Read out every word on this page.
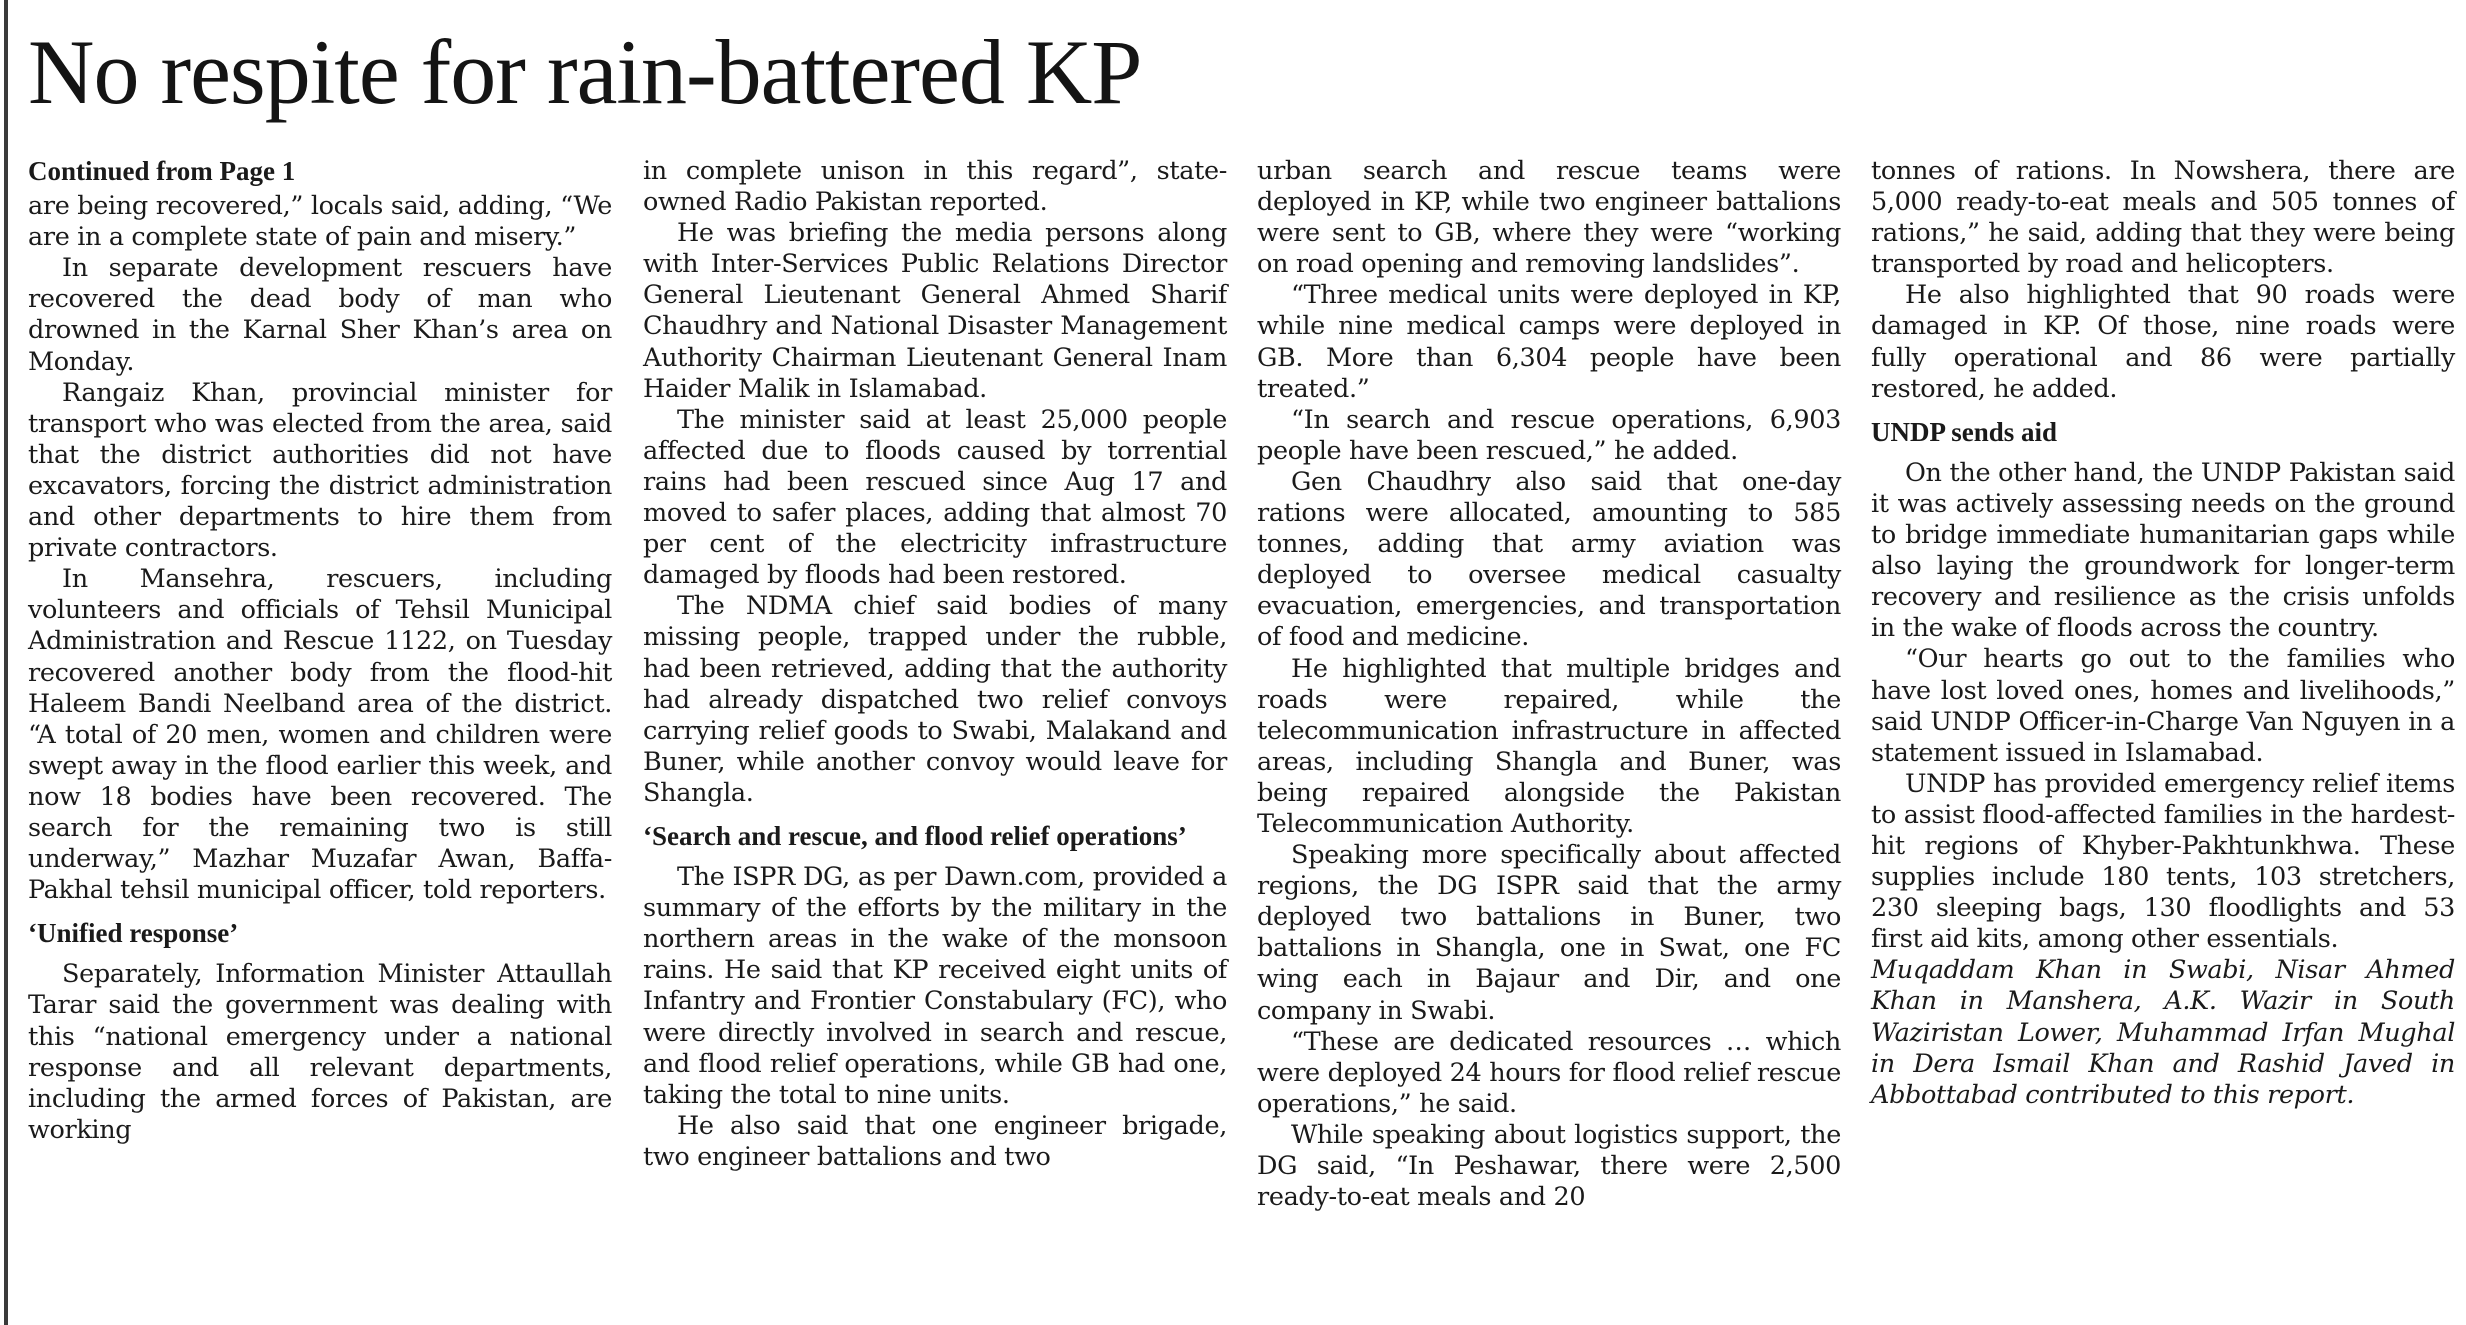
No respite for rain-battered KP
Continued from Page 1

are being recovered,” locals said, adding, “We are in a complete state of pain and misery.”

In separate development rescuers have recovered the dead body of man who drowned in the Karnal Sher Khan’s area on Monday.

Rangaiz Khan, provincial minister for transport who was elected from the area, said that the district authorities did not have excavators, forcing the district administration and other departments to hire them from private contractors.

In Mansehra, rescuers, including volunteers and officials of Tehsil Municipal Administration and Rescue 1122, on Tuesday recovered another body from the flood-hit Haleem Bandi Neelband area of the district. “A total of 20 men, women and children were swept away in the flood earlier this week, and now 18 bodies have been recovered. The search for the remaining two is still underway,” Mazhar Muzafar Awan, Baffa-Pakhal tehsil municipal officer, told reporters.

‘Unified response’

Separately, Information Minister Attaullah Tarar said the government was dealing with this “national emergency under a national response and all relevant departments, including the armed forces of Pakistan, are working

in complete unison in this regard”, state-owned Radio Pakistan reported.

He was briefing the media persons along with Inter-Services Public Relations Director General Lieutenant General Ahmed Sharif Chaudhry and National Disaster Management Authority Chairman Lieutenant General Inam Haider Malik in Islamabad.

The minister said at least 25,000 people affected due to floods caused by torrential rains had been rescued since Aug 17 and moved to safer places, adding that almost 70 per cent of the electricity infrastructure damaged by floods had been restored.

The NDMA chief said bodies of many missing people, trapped under the rubble, had been retrieved, adding that the authority had already dispatched two relief convoys carrying relief goods to Swabi, Malakand and Buner, while another convoy would leave for Shangla.

‘Search and rescue, and flood relief operations’

The ISPR DG, as per Dawn.com, provided a summary of the efforts by the military in the northern areas in the wake of the monsoon rains. He said that KP received eight units of Infantry and Frontier Constabulary (FC), who were directly involved in search and rescue, and flood relief operations, while GB had one, taking the total to nine units.

He also said that one engineer brigade, two engineer battalions and two

urban search and rescue teams were deployed in KP, while two engineer battalions were sent to GB, where they were “working on road opening and removing landslides”.

“Three medical units were deployed in KP, while nine medical camps were deployed in GB. More than 6,304 people have been treated.”

“In search and rescue operations, 6,903 people have been rescued,” he added.

Gen Chaudhry also said that one-day rations were allocated, amounting to 585 tonnes, adding that army aviation was deployed to oversee medical casualty evacuation, emergencies, and transportation of food and medicine.

He highlighted that multiple bridges and roads were repaired, while the telecommunication infrastructure in affected areas, including Shangla and Buner, was being repaired alongside the Pakistan Telecommunication Authority.

Speaking more specifically about affected regions, the DG ISPR said that the army deployed two battalions in Buner, two battalions in Shangla, one in Swat, one FC wing each in Bajaur and Dir, and one company in Swabi.

“These are dedicated resources … which were deployed 24 hours for flood relief rescue operations,” he said.

While speaking about logistics support, the DG said, “In Peshawar, there were 2,500 ready-to-eat meals and 20

tonnes of rations. In Nowshera, there are 5,000 ready-to-eat meals and 505 tonnes of rations,” he said, adding that they were being transported by road and helicopters.

He also highlighted that 90 roads were damaged in KP. Of those, nine roads were fully operational and 86 were partially restored, he added.

UNDP sends aid

On the other hand, the UNDP Pakistan said it was actively assessing needs on the ground to bridge immediate humanitarian gaps while also laying the groundwork for longer-term recovery and resilience as the crisis unfolds in the wake of floods across the country.

“Our hearts go out to the families who have lost loved ones, homes and livelihoods,” said UNDP Officer-in-Charge Van Nguyen in a statement issued in Islamabad.

UNDP has provided emergency relief items to assist flood-affected families in the hardest-hit regions of Khyber-Pakhtunkhwa. These supplies include 180 tents, 103 stretchers, 230 sleeping bags, 130 floodlights and 53 first aid kits, among other essentials.

Muqaddam Khan in Swabi, Nisar Ahmed Khan in Manshera, A.K. Wazir in South Waziristan Lower, Muhammad Irfan Mughal in Dera Ismail Khan and Rashid Javed in Abbottabad contributed to this report.
